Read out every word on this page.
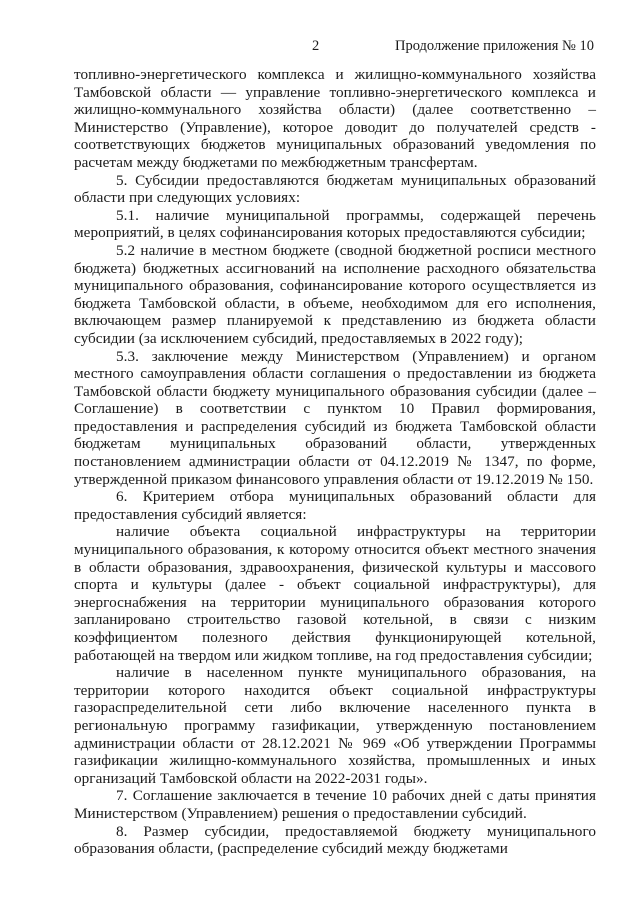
2	Продолжение приложения № 10

топливно-энергетического комплекса и жилищно-коммунального хозяйства Тамбовской области — управление топливно-энергетического комплекса и жилищно-коммунального хозяйства области) (далее соответственно – Министерство (Управление), которое доводит до получателей средств - соответствующих бюджетов муниципальных образований уведомления по расчетам между бюджетами по межбюджетным трансфертам.

5. Субсидии предоставляются бюджетам муниципальных образований области при следующих условиях:

5.1. наличие муниципальной программы, содержащей перечень мероприятий, в целях софинансирования которых предоставляются субсидии;

5.2 наличие в местном бюджете (сводной бюджетной росписи местного бюджета) бюджетных ассигнований на исполнение расходного обязательства муниципального образования, софинансирование которого осуществляется из бюджета Тамбовской области, в объеме, необходимом для его исполнения, включающем размер планируемой к представлению из бюджета области субсидии (за исключением субсидий, предоставляемых в 2022 году);

5.3. заключение между Министерством (Управлением) и органом местного самоуправления области соглашения о предоставлении из бюджета Тамбовской области бюджету муниципального образования субсидии (далее – Соглашение) в соответствии с пунктом 10 Правил формирования, предоставления и распределения субсидий из бюджета Тамбовской области бюджетам муниципальных образований области, утвержденных постановлением администрации области от 04.12.2019 № 1347, по форме, утвержденной приказом финансового управления области от 19.12.2019 № 150.

6. Критерием отбора муниципальных образований области для предоставления субсидий является:

наличие объекта социальной инфраструктуры на территории муниципального образования, к которому относится объект местного значения в области образования, здравоохранения, физической культуры и массового спорта и культуры (далее - объект социальной инфраструктуры), для энергоснабжения на территории муниципального образования которого запланировано строительство газовой котельной, в связи с низким коэффициентом полезного действия функционирующей котельной, работающей на твердом или жидком топливе, на год предоставления субсидии;

наличие в населенном пункте муниципального образования, на территории которого находится объект социальной инфраструктуры газораспределительной сети либо включение населенного пункта в региональную программу газификации, утвержденную постановлением администрации области от 28.12.2021 № 969 «Об утверждении Программы газификации жилищно-коммунального хозяйства, промышленных и иных организаций Тамбовской области на 2022-2031 годы».

7. Соглашение заключается в течение 10 рабочих дней с даты принятия Министерством (Управлением) решения о предоставлении субсидий.

8. Размер субсидии, предоставляемой бюджету муниципального образования области, (распределение субсидий между бюджетами
